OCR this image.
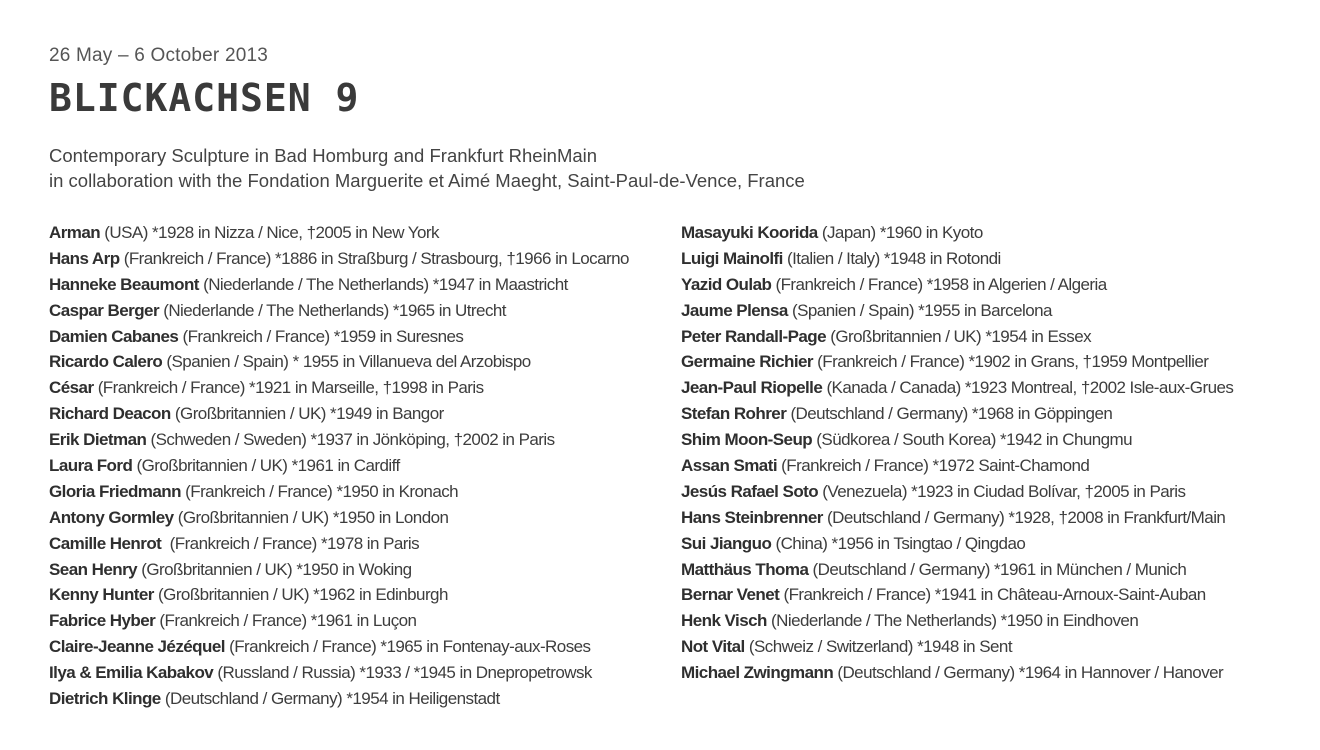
26 May – 6 October 2013
BLICKACHSEN 9
Contemporary Sculpture in Bad Homburg and Frankfurt RheinMain
in collaboration with the Fondation Marguerite et Aimé Maeght, Saint-Paul-de-Vence, France
Arman (USA) *1928 in Nizza / Nice, †2005 in New York
Hans Arp (Frankreich / France) *1886 in Straßburg / Strasbourg, †1966 in Locarno
Hanneke Beaumont (Niederlande / The Netherlands) *1947 in Maastricht
Caspar Berger (Niederlande / The Netherlands) *1965 in Utrecht
Damien Cabanes (Frankreich / France) *1959 in Suresnes
Ricardo Calero (Spanien / Spain) * 1955 in Villanueva del Arzobispo
César (Frankreich / France) *1921 in Marseille, †1998 in Paris
Richard Deacon (Großbritannien / UK) *1949 in Bangor
Erik Dietman (Schweden / Sweden) *1937 in Jönköping, †2002 in Paris
Laura Ford (Großbritannien / UK) *1961 in Cardiff
Gloria Friedmann (Frankreich / France) *1950 in Kronach
Antony Gormley (Großbritannien / UK) *1950 in London
Camille Henrot  (Frankreich / France) *1978 in Paris
Sean Henry (Großbritannien / UK) *1950 in Woking
Kenny Hunter (Großbritannien / UK) *1962 in Edinburgh
Fabrice Hyber (Frankreich / France) *1961 in Luçon
Claire-Jeanne Jézéquel (Frankreich / France) *1965 in Fontenay-aux-Roses
Ilya & Emilia Kabakov (Russland / Russia) *1933 / *1945 in Dnepropetrowsk
Dietrich Klinge (Deutschland / Germany) *1954 in Heiligenstadt
Masayuki Koorida (Japan) *1960 in Kyoto
Luigi Mainolfi (Italien / Italy) *1948 in Rotondi
Yazid Oulab (Frankreich / France) *1958 in Algerien / Algeria
Jaume Plensa (Spanien / Spain) *1955 in Barcelona
Peter Randall-Page (Großbritannien / UK) *1954 in Essex
Germaine Richier (Frankreich / France) *1902 in Grans, †1959 Montpellier
Jean-Paul Riopelle (Kanada / Canada) *1923 Montreal, †2002 Isle-aux-Grues
Stefan Rohrer (Deutschland / Germany) *1968 in Göppingen
Shim Moon-Seup (Südkorea / South Korea) *1942 in Chungmu
Assan Smati (Frankreich / France) *1972 Saint-Chamond
Jesús Rafael Soto (Venezuela) *1923 in Ciudad Bolívar, †2005 in Paris
Hans Steinbrenner (Deutschland / Germany) *1928, †2008 in Frankfurt/Main
Sui Jianguo (China) *1956 in Tsingtao / Qingdao
Matthäus Thoma (Deutschland / Germany) *1961 in München / Munich
Bernar Venet (Frankreich / France) *1941 in Château-Arnoux-Saint-Auban
Henk Visch (Niederlande / The Netherlands) *1950 in Eindhoven
Not Vital (Schweiz / Switzerland) *1948 in Sent
Michael Zwingmann (Deutschland / Germany) *1964 in Hannover / Hanover
